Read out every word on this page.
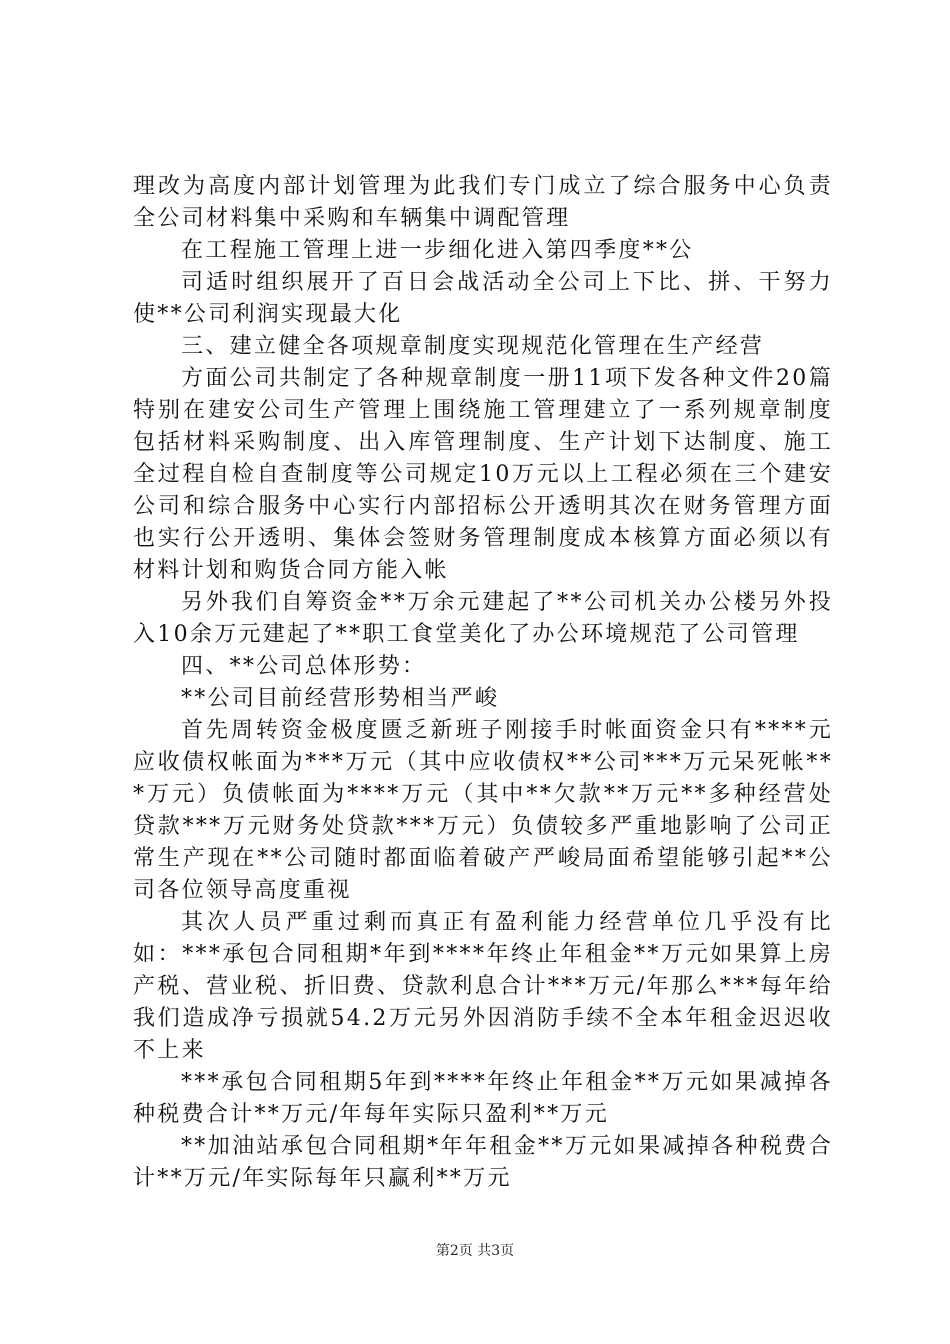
理改为高度内部计划管理为此我们专门成立了综合服务中心负责全公司材料集中采购和车辆集中调配管理

在工程施工管理上进一步细化进入第四季度**公

司适时组织展开了百日会战活动全公司上下比、拼、干努力使**公司利润实现最大化

三、建立健全各项规章制度实现规范化管理在生产经营

方面公司共制定了各种规章制度一册11项下发各种文件20篇特别在建安公司生产管理上围绕施工管理建立了一系列规章制度包括材料采购制度、出入库管理制度、生产计划下达制度、施工全过程自检自查制度等公司规定10万元以上工程必须在三个建安公司和综合服务中心实行内部招标公开透明其次在财务管理方面也实行公开透明、集体会签财务管理制度成本核算方面必须以有材料计划和购货合同方能入帐

另外我们自筹资金**万余元建起了**公司机关办公楼另外投入10余万元建起了**职工食堂美化了办公环境规范了公司管理

四、**公司总体形势：

**公司目前经营形势相当严峻

首先周转资金极度匮乏新班子刚接手时帐面资金只有****元应收债权帐面为***万元（其中应收债权**公司***万元呆死帐***万元）负债帐面为****万元（其中**欠款**万元**多种经营处贷款***万元财务处贷款***万元）负债较多严重地影响了公司正常生产现在**公司随时都面临着破产严峻局面希望能够引起**公司各位领导高度重视

其次人员严重过剩而真正有盈利能力经营单位几乎没有比如：***承包合同租期*年到****年终止年租金**万元如果算上房产税、营业税、折旧费、贷款利息合计***万元/年那么***每年给我们造成净亏损就54.2万元另外因消防手续不全本年租金迟迟收不上来

***承包合同租期5年到****年终止年租金**万元如果减掉各种税费合计**万元/年每年实际只盈利**万元

**加油站承包合同租期*年年租金**万元如果减掉各种税费合计**万元/年实际每年只赢利**万元

第2页 共3页
